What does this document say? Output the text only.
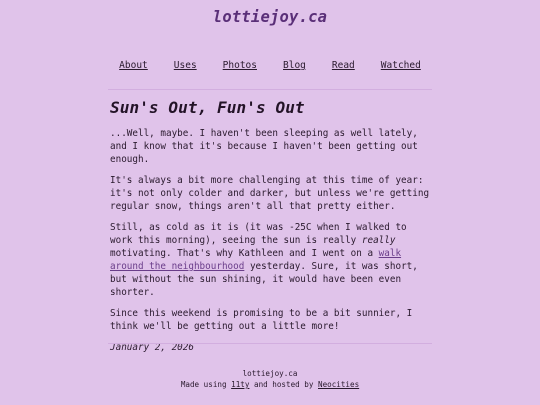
lottiejoy.ca
About	Uses	Photos	Blog	Read	Watched
Sun's Out, Fun's Out

...Well, maybe. I haven't been sleeping as well lately, and I know that it's because I haven't been getting out enough.

It's always a bit more challenging at this time of year: it's not only colder and darker, but unless we're getting regular snow, things aren't all that pretty either.

Still, as cold as it is (it was -25C when I walked to work this morning), seeing the sun is really really motivating. That's why Kathleen and I went on a walk around the neighbourhood yesterday. Sure, it was short, but without the sun shining, it would have been even shorter.

Since this weekend is promising to be a bit sunnier, I think we'll be getting out a little more!

January 2, 2026

lottiejoy.ca
Made using 11ty and hosted by Neocities
